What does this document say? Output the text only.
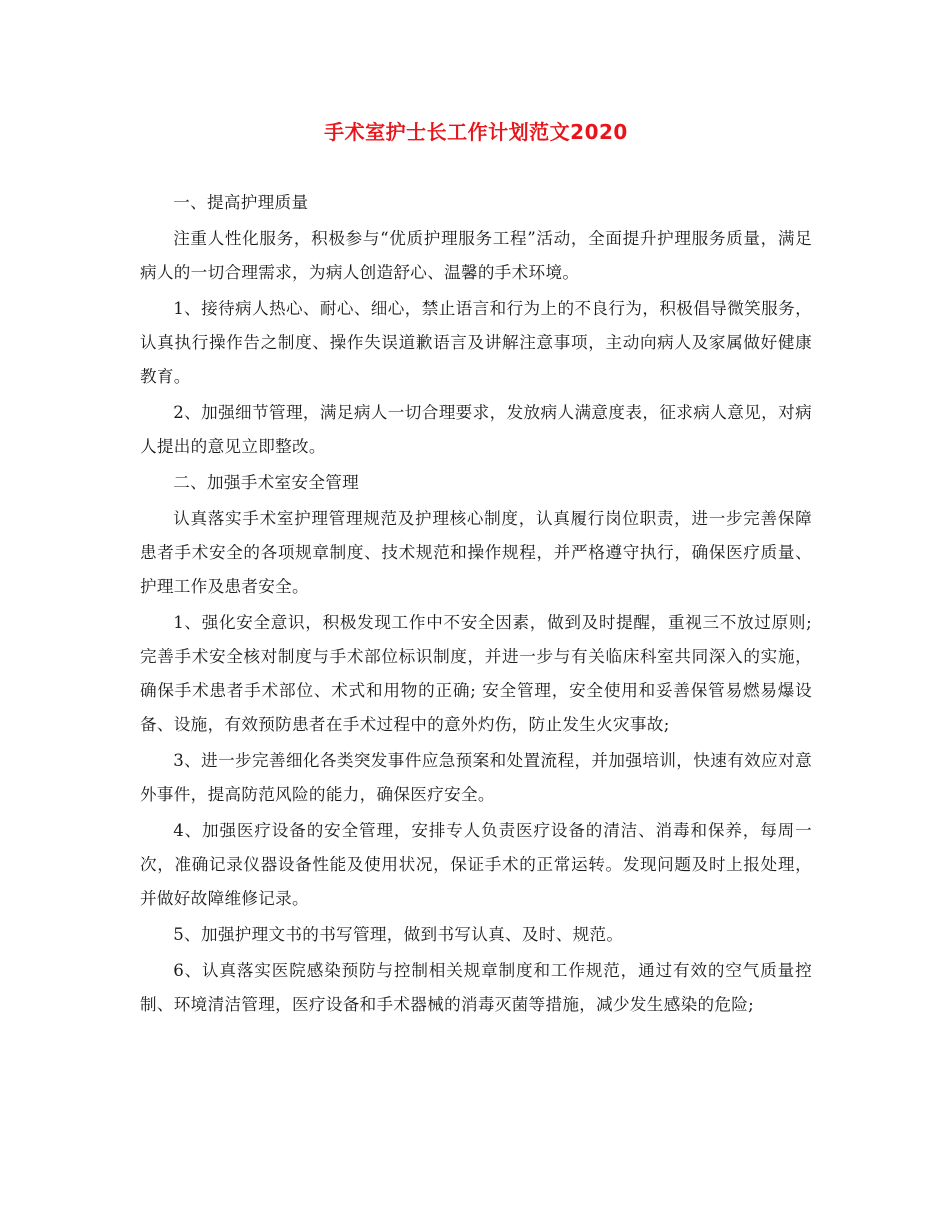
手术室护士长工作计划范文2020

一、提高护理质量

注重人性化服务，积极参与“优质护理服务工程”活动，全面提升护理服务质量，满足病人的一切合理需求，为病人创造舒心、温馨的手术环境。

1、接待病人热心、耐心、细心，禁止语言和行为上的不良行为，积极倡导微笑服务，认真执行操作告之制度、操作失误道歉语言及讲解注意事项，主动向病人及家属做好健康教育。

2、加强细节管理，满足病人一切合理要求，发放病人满意度表，征求病人意见，对病人提出的意见立即整改。

二、加强手术室安全管理

认真落实手术室护理管理规范及护理核心制度，认真履行岗位职责，进一步完善保障患者手术安全的各项规章制度、技术规范和操作规程，并严格遵守执行，确保医疗质量、护理工作及患者安全。

1、强化安全意识，积极发现工作中不安全因素，做到及时提醒，重视三不放过原则;完善手术安全核对制度与手术部位标识制度，并进一步与有关临床科室共同深入的实施，确保手术患者手术部位、术式和用物的正确; 安全管理，安全使用和妥善保管易燃易爆设备、设施，有效预防患者在手术过程中的意外灼伤，防止发生火灾事故;

3、进一步完善细化各类突发事件应急预案和处置流程，并加强培训，快速有效应对意外事件，提高防范风险的能力，确保医疗安全。

4、加强医疗设备的安全管理，安排专人负责医疗设备的清洁、消毒和保养，每周一次，准确记录仪器设备性能及使用状况，保证手术的正常运转。发现问题及时上报处理，并做好故障维修记录。

5、加强护理文书的书写管理，做到书写认真、及时、规范。

6、认真落实医院感染预防与控制相关规章制度和工作规范，通过有效的空气质量控制、环境清洁管理，医疗设备和手术器械的消毒灭菌等措施，减少发生感染的危险;
